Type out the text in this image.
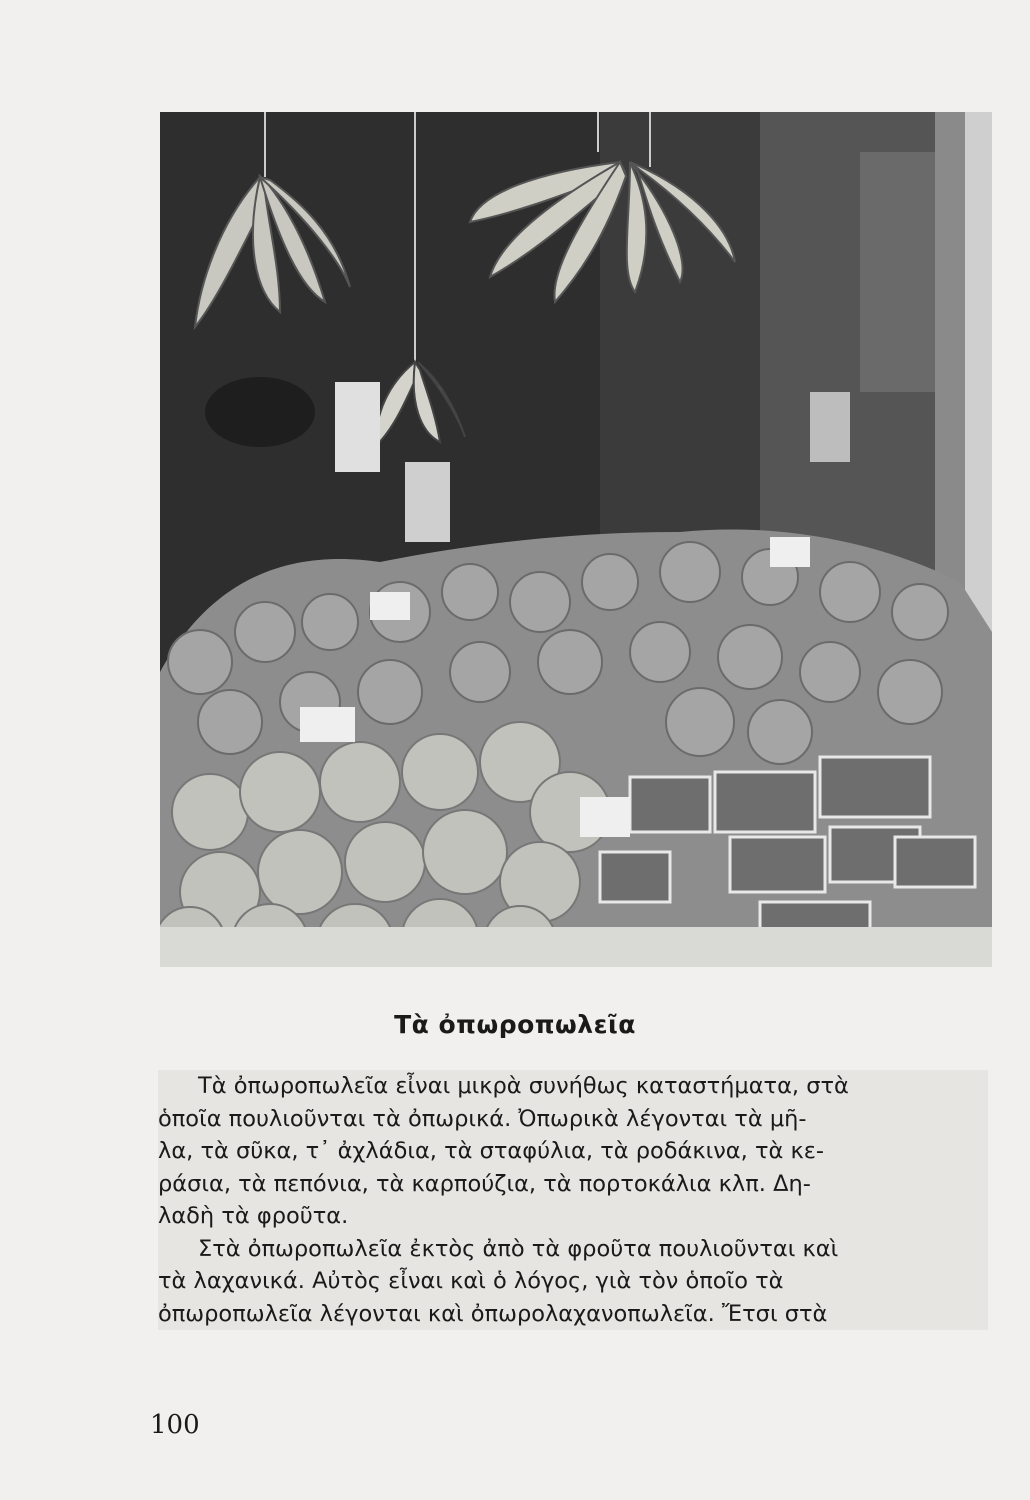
Τὰ ὀπωροπωλεῖα
Τὰ ὀπωροπωλεῖα εἶναι μικρὰ συνήθως καταστήματα, στὰ
ὁποῖα πουλιοῦνται τὰ ὀπωρικά. Ὀπωρικὰ λέγονται τὰ μῆ-
λα, τὰ σῦκα, τ᾽ ἀχλάδια, τὰ σταφύλια, τὰ ροδάκινα, τὰ κε-
ράσια, τὰ πεπόνια, τὰ καρπούζια, τὰ πορτοκάλια κλπ. Δη-
λαδὴ τὰ φροῦτα.
Στὰ ὀπωροπωλεῖα ἐκτὸς ἀπὸ τὰ φροῦτα πουλιοῦνται καὶ
τὰ λαχανικά. Αὐτὸς εἶναι καὶ ὁ λόγος, γιὰ τὸν ὁποῖο τὰ
ὀπωροπωλεῖα λέγονται καὶ ὀπωρολαχανοπωλεῖα. Ἔτσι στὰ
100
